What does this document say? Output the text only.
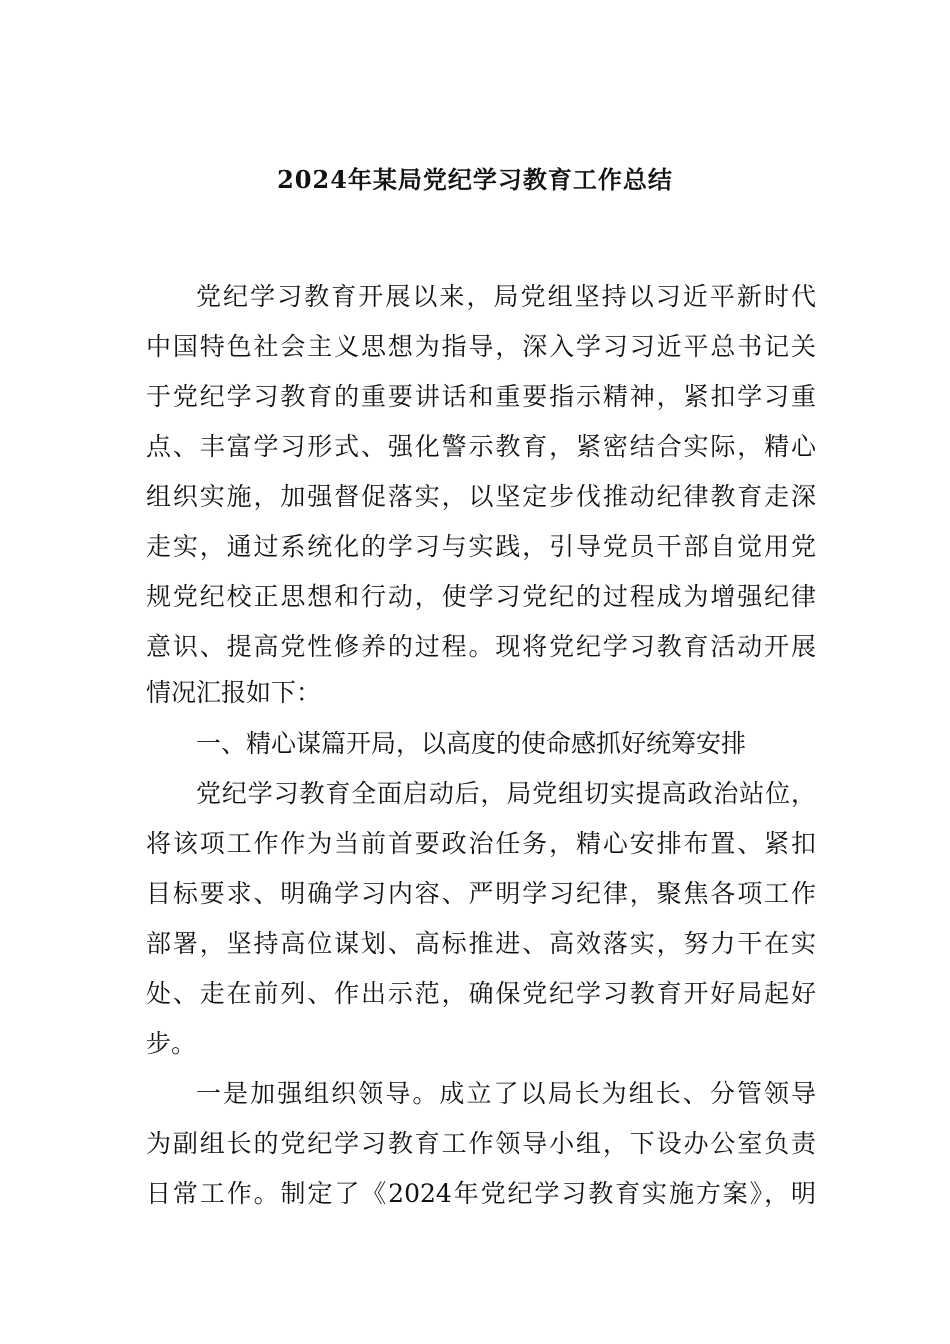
2024年某局党纪学习教育工作总结
党纪学习教育开展以来，局党组坚持以习近平新时代
中国特色社会主义思想为指导，深入学习习近平总书记关
于党纪学习教育的重要讲话和重要指示精神，紧扣学习重
点、丰富学习形式、强化警示教育，紧密结合实际，精心
组织实施，加强督促落实，以坚定步伐推动纪律教育走深
走实，通过系统化的学习与实践，引导党员干部自觉用党
规党纪校正思想和行动，使学习党纪的过程成为增强纪律
意识、提高党性修养的过程。现将党纪学习教育活动开展
情况汇报如下：
一、精心谋篇开局，以高度的使命感抓好统筹安排
党纪学习教育全面启动后，局党组切实提高政治站位，
将该项工作作为当前首要政治任务，精心安排布置、紧扣
目标要求、明确学习内容、严明学习纪律，聚焦各项工作
部署，坚持高位谋划、高标推进、高效落实，努力干在实
处、走在前列、作出示范，确保党纪学习教育开好局起好
步。
一是加强组织领导。成立了以局长为组长、分管领导
为副组长的党纪学习教育工作领导小组，下设办公室负责
日常工作。制定了《2024年党纪学习教育实施方案》，明
